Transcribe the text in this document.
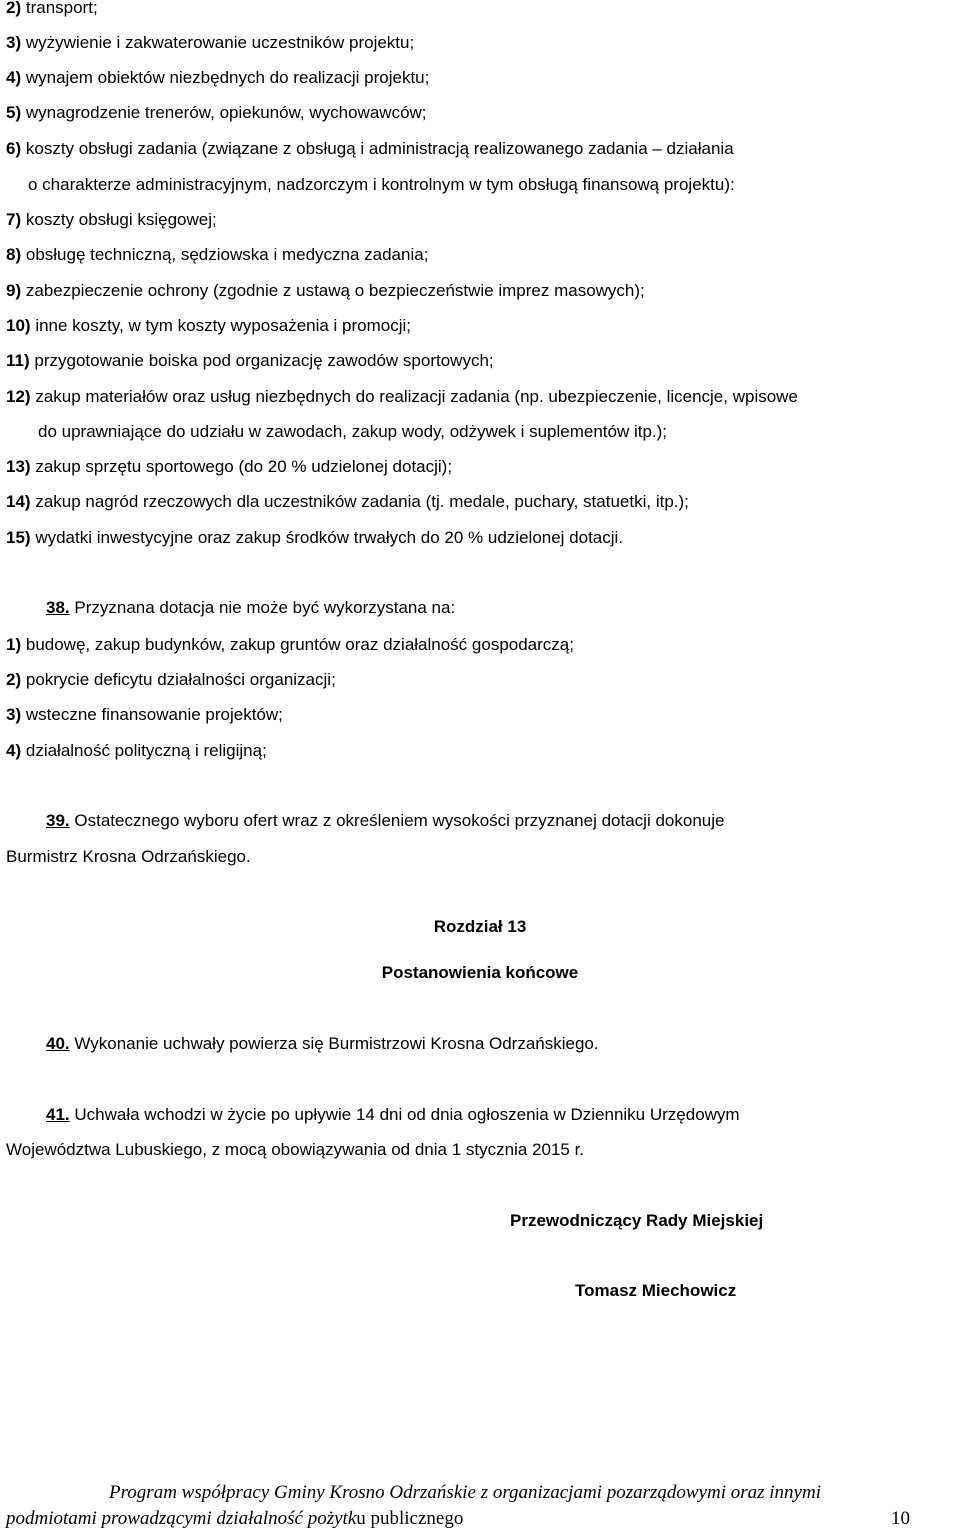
2) transport;
3) wyżywienie i zakwaterowanie uczestników projektu;
4) wynajem obiektów niezbędnych do realizacji projektu;
5) wynagrodzenie trenerów, opiekunów, wychowawców;
6) koszty obsługi zadania (związane z obsługą i administracją realizowanego zadania – działania
o charakterze administracyjnym, nadzorczym i kontrolnym w tym obsługą finansową projektu):
7) koszty obsługi księgowej;
8) obsługę techniczną, sędziowska i medyczna zadania;
9) zabezpieczenie ochrony (zgodnie z ustawą o bezpieczeństwie imprez masowych);
10) inne koszty, w tym koszty wyposażenia i promocji;
11) przygotowanie boiska pod organizację zawodów sportowych;
12) zakup materiałów oraz usług niezbędnych do realizacji zadania (np. ubezpieczenie, licencje, wpisowe
do uprawniające do udziału w zawodach, zakup wody, odżywek i suplementów itp.);
13) zakup sprzętu sportowego (do 20 % udzielonej dotacji);
14) zakup nagród rzeczowych dla uczestników zadania (tj. medale, puchary, statuetki, itp.);
15) wydatki inwestycyjne oraz zakup środków trwałych do 20 % udzielonej dotacji.
38. Przyznana dotacja nie może być wykorzystana na:
1) budowę, zakup budynków, zakup gruntów oraz działalność gospodarczą;
2) pokrycie deficytu działalności organizacji;
3) wsteczne finansowanie projektów;
4) działalność polityczną i religijną;
39. Ostatecznego wyboru ofert wraz z określeniem wysokości przyznanej dotacji dokonuje
Burmistrz Krosna Odrzańskiego.
Rozdział 13
Postanowienia końcowe
40. Wykonanie uchwały powierza się Burmistrzowi Krosna Odrzańskiego.
41. Uchwała wchodzi w życie po upływie 14 dni od dnia ogłoszenia w Dzienniku Urzędowym
Województwa Lubuskiego, z mocą obowiązywania od dnia 1 stycznia 2015 r.
Przewodniczący Rady Miejskiej
Tomasz Miechowicz
Program współpracy Gminy Krosno Odrzańskie z organizacjami pozarządowymi oraz innymi
podmiotami prowadzącymi działalność pożytku publicznego	10
